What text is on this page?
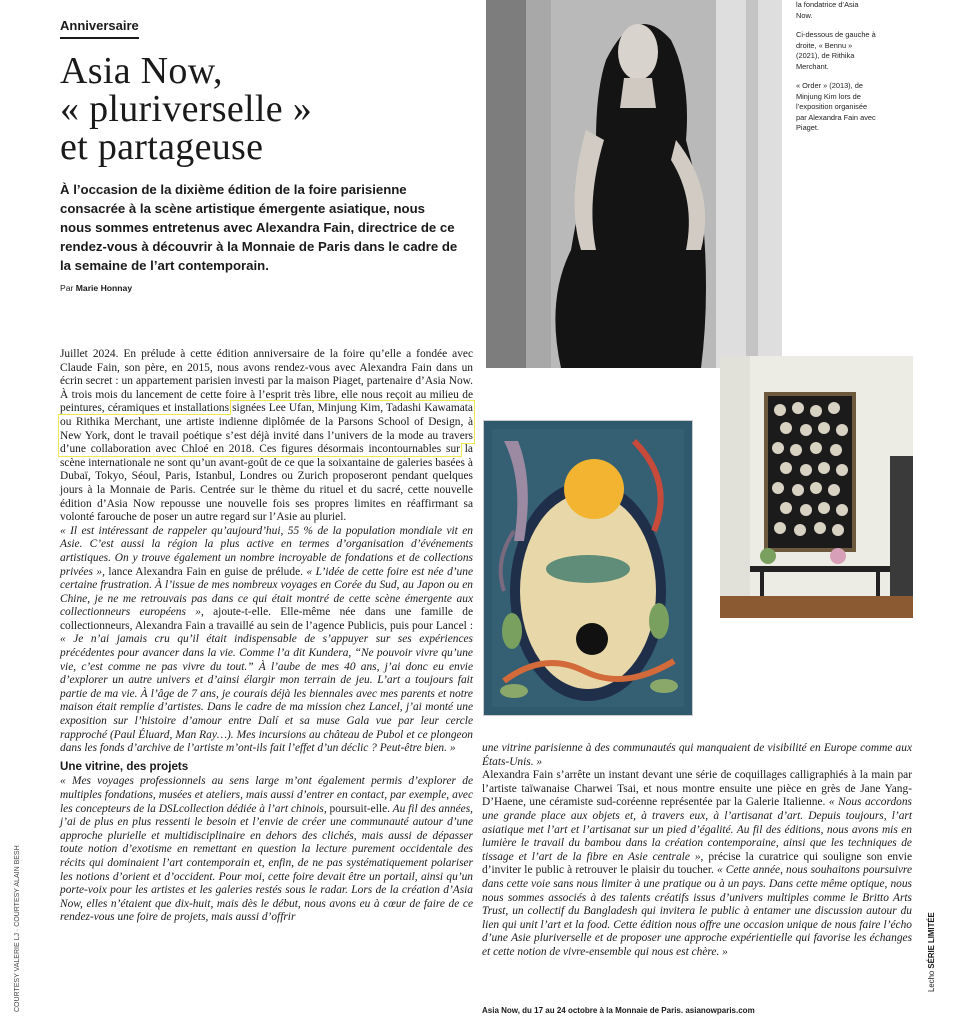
Anniversaire
Asia Now,
« pluriverselle »
et partageuse

À l’occasion de la dixième édition de la foire parisienne consacrée à la scène artistique émergente asiatique, nous nous sommes entretenus avec Alexandra Fain, directrice de ce rendez-vous à découvrir à la Monnaie de Paris dans le cadre de la semaine de l’art contemporain.

Par Marie Honnay

la fondatrice d’Asia Now.

Ci-dessous de gauche à droite, « Bennu » (2021), de Rithika Merchant.

« Order » (2013), de Minjung Kim lors de l’exposition organisée par Alexandra Fain avec Piaget.

Juillet 2024. En prélude à cette édition anniversaire de la foire qu’elle a fondée avec Claude Fain, son père, en 2015, nous avons rendez-vous avec Alexandra Fain dans un écrin secret : un appartement parisien investi par la maison Piaget, partenaire d’Asia Now. À trois mois du lancement de cette foire à l’esprit très libre, elle nous reçoit au milieu de peintures, céramiques et installations signées Lee Ufan, Minjung Kim, Tadashi Kawamata ou Rithika Merchant, une artiste indienne diplômée de la Parsons School of Design, à New York, dont le travail poétique s’est déjà invité dans l’univers de la mode au travers d’une collaboration avec Chloé en 2018. Ces figures désormais incontournables sur la scène internationale ne sont qu’un avant-goût de ce que la soixantaine de galeries basées à Dubaï, Tokyo, Séoul, Paris, Istanbul, Londres ou Zurich proposeront pendant quelques jours à la Monnaie de Paris. Centrée sur le thème du rituel et du sacré, cette nouvelle édition d’Asia Now repousse une nouvelle fois ses propres limites en réaffirmant sa volonté farouche de poser un autre regard sur l’Asie au pluriel.

« Il est intéressant de rappeler qu’aujourd’hui, 55 % de la population mondiale vit en Asie. C’est aussi la région la plus active en termes d’organisation d’événements artistiques. On y trouve également un nombre incroyable de fondations et de collections privées », lance Alexandra Fain en guise de prélude. « L’idée de cette foire est née d’une certaine frustration. À l’issue de mes nombreux voyages en Corée du Sud, au Japon ou en Chine, je ne me retrouvais pas dans ce qui était montré de cette scène émergente aux collectionneurs européens », ajoute-t-elle. Elle-même née dans une famille de collectionneurs, Alexandra Fain a travaillé au sein de l’agence Publicis, puis pour Lancel : « Je n’ai jamais cru qu’il était indispensable de s’appuyer sur ses expériences précédentes pour avancer dans la vie. Comme l’a dit Kundera, “Ne pouvoir vivre qu’une vie, c’est comme ne pas vivre du tout.” À l’aube de mes 40 ans, j’ai donc eu envie d’explorer un autre univers et d’ainsi élargir mon terrain de jeu. L’art a toujours fait partie de ma vie. À l’âge de 7 ans, je courais déjà les biennales avec mes parents et notre maison était remplie d’artistes. Dans le cadre de ma mission chez Lancel, j’ai monté une exposition sur l’histoire d’amour entre Dalí et sa muse Gala vue par leur cercle rapproché (Paul Éluard, Man Ray…). Mes incursions au château de Pubol et ce plongeon dans les fonds d’archive de l’artiste m’ont-ils fait l’effet d’un déclic ? Peut-être bien. »

Une vitrine, des projets

« Mes voyages professionnels au sens large m’ont également permis d’explorer de multiples fondations, musées et ateliers, mais aussi d’entrer en contact, par exemple, avec les concepteurs de la DSLcollection dédiée à l’art chinois, poursuit-elle. Au fil des années, j’ai de plus en plus ressenti le besoin et l’envie de créer une communauté autour d’une approche plurielle et multidisciplinaire en dehors des clichés, mais aussi de dépasser toute notion d’exotisme en remettant en question la lecture purement occidentale des récits qui dominaient l’art contemporain et, enfin, de ne pas systématiquement polariser les notions d’orient et d’occident. Pour moi, cette foire devait être un portail, ainsi qu’un porte-voix pour les artistes et les galeries restés sous le radar. Lors de la création d’Asia Now, elles n’étaient que dix-huit, mais dès le début, nous avons eu à cœur de faire de ce rendez-vous une foire de projets, mais aussi d’offrir

une vitrine parisienne à des communautés qui manquaient de visibilité en Europe comme aux États-Unis. »

Alexandra Fain s’arrête un instant devant une série de coquillages calligraphiés à la main par l’artiste taïwanaise Charwei Tsai, et nous montre ensuite une pièce en grès de Jane Yang-D’Haene, une céramiste sud-coréenne représentée par la Galerie Italienne. « Nous accordons une grande place aux objets et, à travers eux, à l’artisanat d’art. Depuis toujours, l’art asiatique met l’art et l’artisanat sur un pied d’égalité. Au fil des éditions, nous avons mis en lumière le travail du bambou dans la création contemporaine, ainsi que les techniques de tissage et l’art de la fibre en Asie centrale », précise la curatrice qui souligne son envie d’inviter le public à retrouver le plaisir du toucher. « Cette année, nous souhaitons poursuivre dans cette voie sans nous limiter à une pratique ou à un pays. Dans cette même optique, nous nous sommes associés à des talents créatifs issus d’univers multiples comme le Britto Arts Trust, un collectif du Bangladesh qui invitera le public à entamer une discussion autour du lien qui unit l’art et la food. Cette édition nous offre une occasion unique de nous faire l’écho d’une Asie pluriverselle et de proposer une approche expérientielle qui favorise les échanges et cette notion de vivre-ensemble qui nous est chère. »

Asia Now, du 17 au 24 octobre à la Monnaie de Paris. asianowparis.com
COURTESY VALERIE LJ · COURTESY ALAIN BESH	Lecho SÉRIE LIMITÉE
